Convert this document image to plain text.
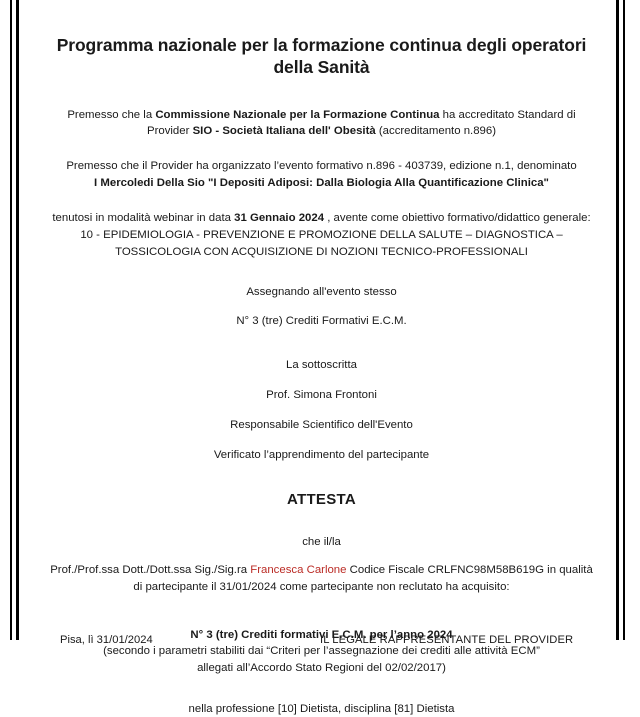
Programma nazionale per la formazione continua degli operatori della Sanità
Premesso che la Commissione Nazionale per la Formazione Continua ha accreditato Standard di
Provider SIO - Società Italiana dell' Obesità (accreditamento n.896)
Premesso che il Provider ha organizzato l’evento formativo n.896 - 403739, edizione n.1, denominato
I Mercoledi Della Sio "I Depositi Adiposi: Dalla Biologia Alla Quantificazione Clinica"
tenutosi in modalità webinar in data 31 Gennaio 2024 , avente come obiettivo formativo/didattico generale:
10 - EPIDEMIOLOGIA - PREVENZIONE E PROMOZIONE DELLA SALUTE – DIAGNOSTICA –
TOSSICOLOGIA CON ACQUISIZIONE DI NOZIONI TECNICO-PROFESSIONALI
Assegnando all'evento stesso
N° 3 (tre) Crediti Formativi E.C.M.
La sottoscritta
Prof. Simona Frontoni
Responsabile Scientifico dell'Evento
Verificato l’apprendimento del partecipante
ATTESTA
che il/la
Prof./Prof.ssa Dott./Dott.ssa Sig./Sig.ra Francesca Carlone Codice Fiscale CRLFNC98M58B619G in qualità
di partecipante il 31/01/2024 come partecipante non reclutato ha acquisito:
N° 3 (tre) Crediti formativi E.C.M. per l’anno 2024
(secondo i parametri stabiliti dai “Criteri per l’assegnazione dei crediti alle attività ECM”
allegati all’Accordo Stato Regioni del 02/02/2017)
nella professione [10] Dietista, disciplina [81] Dietista
Pisa, lì 31/01/2024	IL LEGALE RAPPRESENTANTE DEL PROVIDER
